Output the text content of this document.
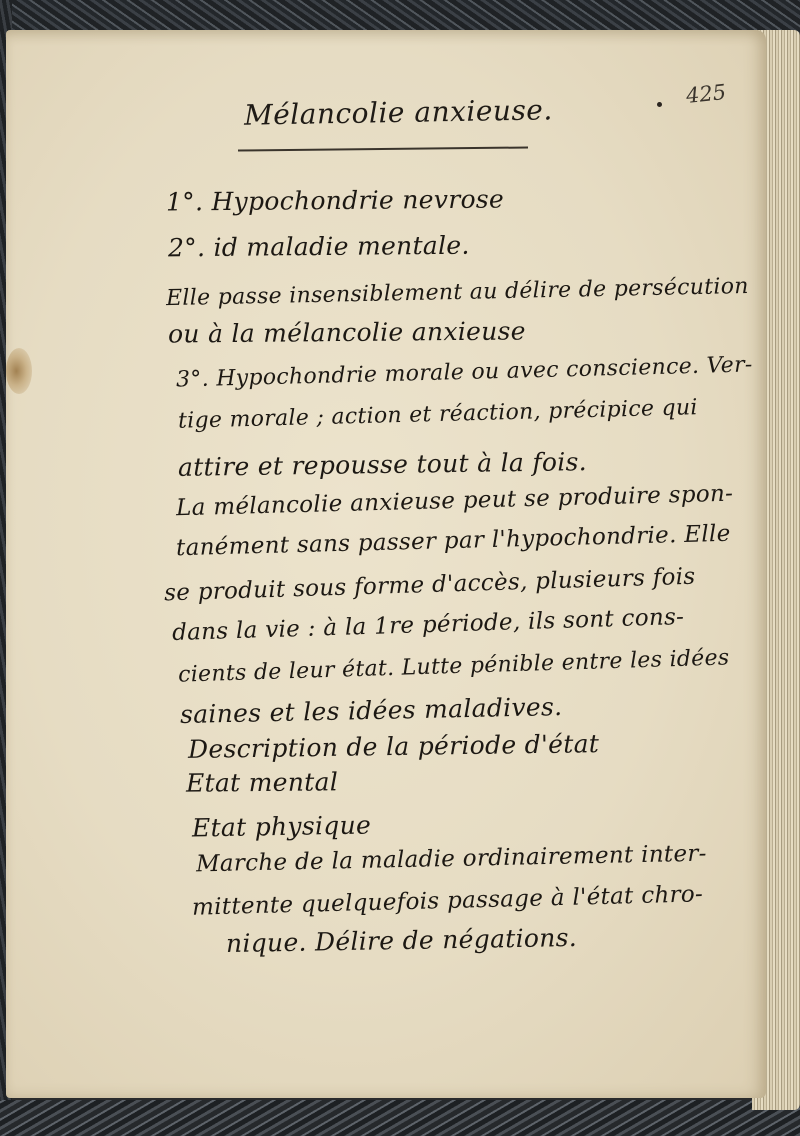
425
Mélancolie anxieuse.
1°. Hypochondrie nevrose
2°. id maladie mentale.
Elle passe insensiblement au délire de persécution
ou à la mélancolie anxieuse
3°. Hypochondrie morale ou avec conscience. Ver-
tige morale ; action et réaction, précipice qui
attire et repousse tout à la fois.
La mélancolie anxieuse peut se produire spon-
tanément sans passer par l'hypochondrie. Elle
se produit sous forme d'accès, plusieurs fois
dans la vie : à la 1re période, ils sont cons-
cients de leur état. Lutte pénible entre les idées
saines et les idées maladives.
Description de la période d'état
Etat mental
Etat physique
Marche de la maladie ordinairement inter-
mittente quelquefois passage à l'état chro-
nique. Délire de négations.
